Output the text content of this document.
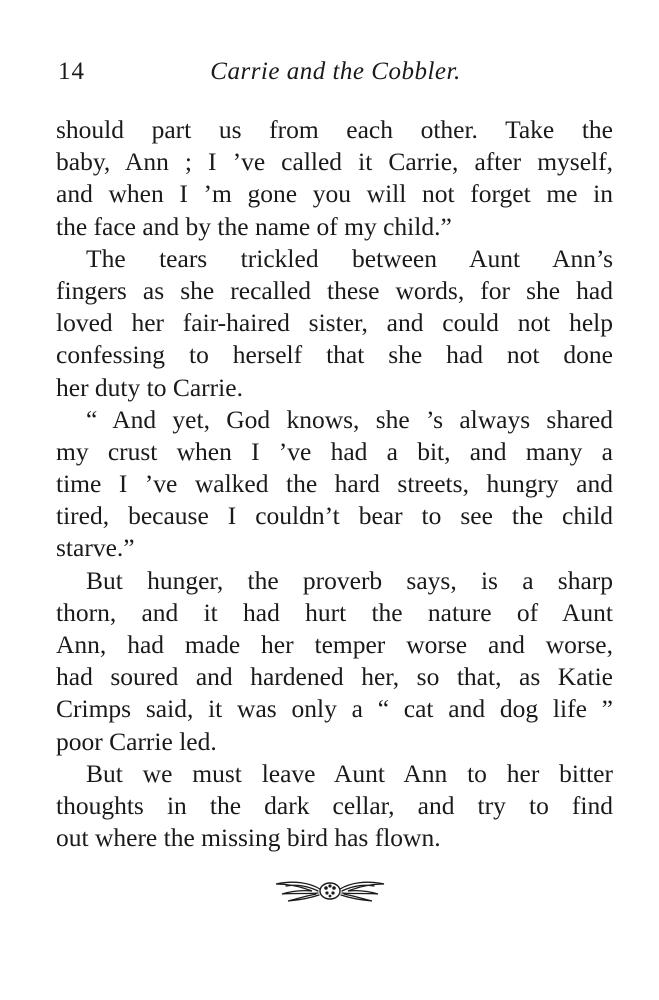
14	Carrie and the Cobbler.
should part us from each other. Take the
baby, Ann ; I ’ve called it Carrie, after myself,
and when I ’m gone you will not forget me in
the face and by the name of my child.”
The tears trickled between Aunt Ann’s
fingers as she recalled these words, for she had
loved her fair-haired sister, and could not help
confessing to herself that she had not done
her duty to Carrie.
“ And yet, God knows, she ’s always shared
my crust when I ’ve had a bit, and many a
time I ’ve walked the hard streets, hungry and
tired, because I couldn’t bear to see the child
starve.”
But hunger, the proverb says, is a sharp
thorn, and it had hurt the nature of Aunt
Ann, had made her temper worse and worse,
had soured and hardened her, so that, as Katie
Crimps said, it was only a “ cat and dog life ”
poor Carrie led.
But we must leave Aunt Ann to her bitter
thoughts in the dark cellar, and try to find
out where the missing bird has flown.
